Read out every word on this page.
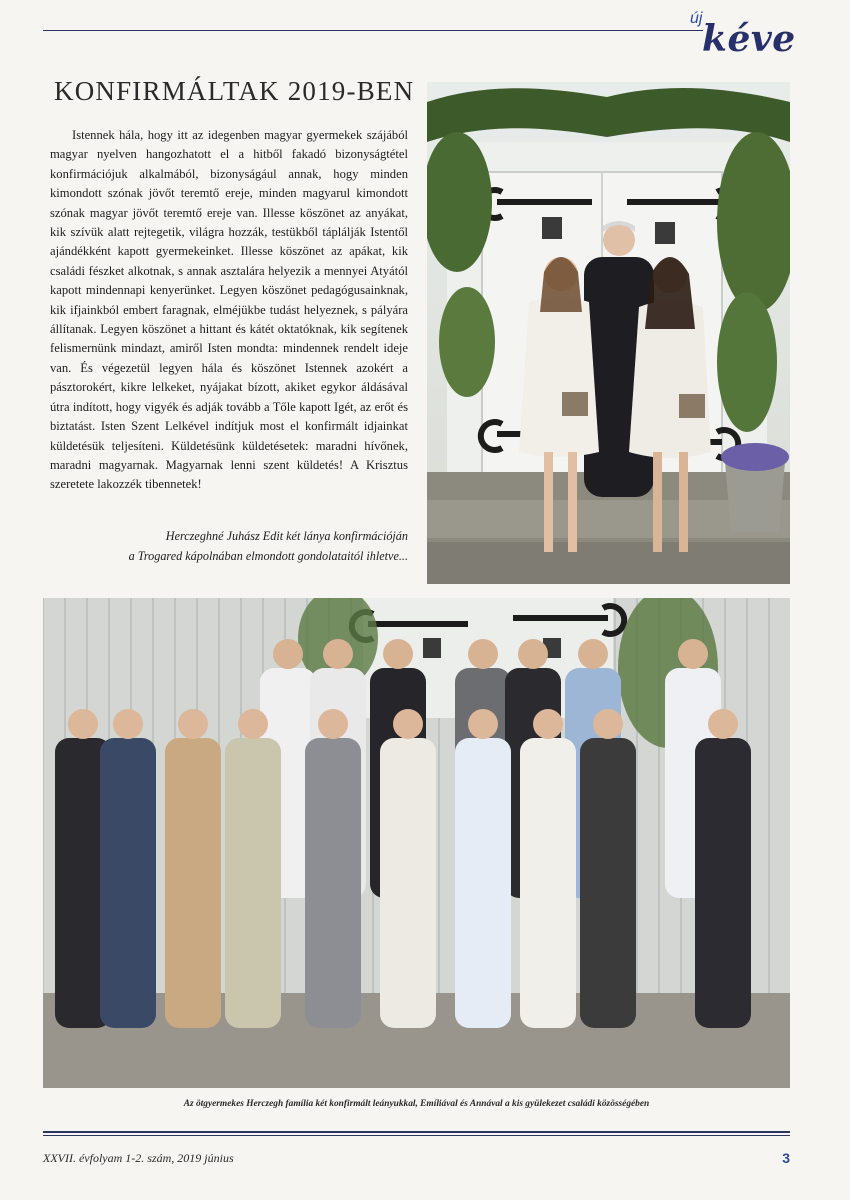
új kéve
KONFIRMÁLTAK 2019-BEN

Istennek hála, hogy itt az idegenben magyar gyermekek szájából magyar nyelven hangozhatott el a hitből fakadó bizonyságtétel konfirmációjuk alkalmából, bizonyságául annak, hogy minden kimondott szónak jövőt teremtő ereje, minden magyarul kimondott szónak magyar jövőt teremtő ereje van. Illesse köszönet az anyákat, kik szívük alatt rejtegetik, világra hozzák, testükből táplálják Istentől ajándékként kapott gyermekeinket. Illesse köszönet az apákat, kik családi fészket alkotnak, s annak asztalára helyezik a mennyei Atyától kapott mindennapi kenyerünket. Legyen köszönet pedagógusainknak, kik ifjainkból embert faragnak, elméjükbe tudást helyeznek, s pályára állítanak. Legyen köszönet a hittant és kátét oktatóknak, kik segítenek felismernünk mindazt, amiről Isten mondta: mindennek rendelt ideje van. És végezetül legyen hála és köszönet Istennek azokért a pásztorokért, kikre lelkeket, nyájakat bízott, akiket egykor áldásával útra indított, hogy vigyék és adják tovább a Tőle kapott Igét, az erőt és biztatást. Isten Szent Lelkével indítjuk most el konfirmált idjainkat küldetésük teljesíteni. Küldetésünk küldetésetek: maradni hívőnek, maradni magyarnak. Magyarnak lenni szent küldetés! A Krisztus szeretete lakozzék tibennetek!

Herczeghné Juhász Edit két lánya konfirmációján
a Trogared kápolnában elmondott gondolataitól ihletve...
Az ötgyermekes Herczegh família két konfirmált leányukkal, Emíliával és Annával a kis gyülekezet családi közösségében
XXVII. évfolyam 1-2. szám, 2019 június	3
